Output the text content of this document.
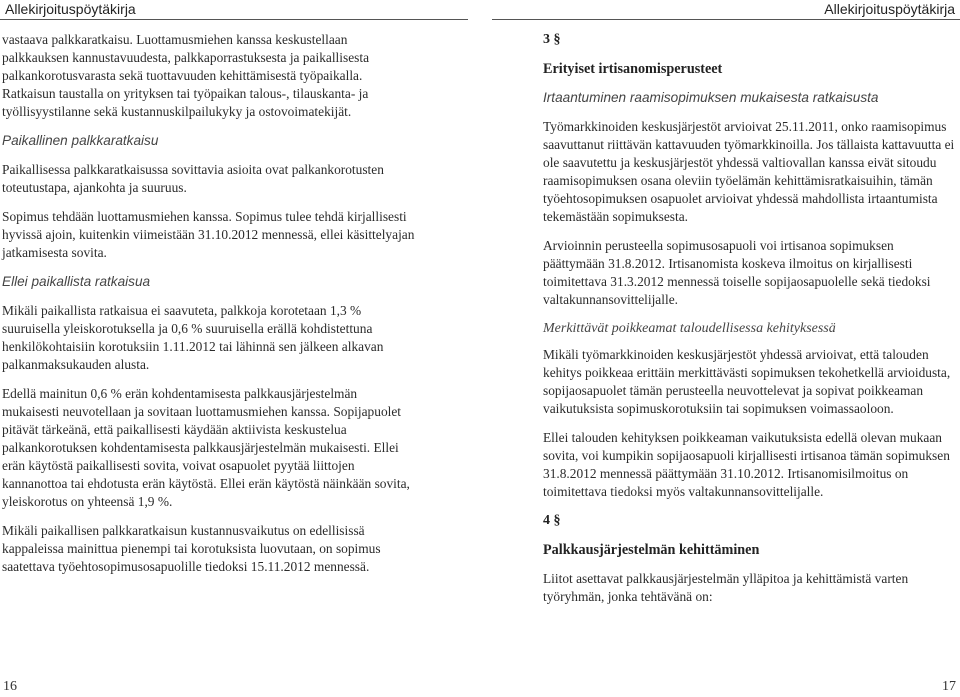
Allekirjoituspöytäkirja

vastaava palkkaratkaisu. Luottamusmiehen kanssa keskustellaan palkkauksen kannustavuudesta, palkkaporrastuksesta ja paikallisesta palkankorotusvarasta sekä tuottavuuden kehittämisestä työpaikalla. Ratkaisun taustalla on yrityksen tai työpaikan talous-, tilauskanta- ja työllisyystilanne sekä kustannuskilpailukyky ja ostovoimatekijät.

Paikallinen palkkaratkaisu

Paikallisessa palkkaratkaisussa sovittavia asioita ovat palkankorotusten toteutustapa, ajankohta ja suuruus.

Sopimus tehdään luottamusmiehen kanssa. Sopimus tulee tehdä kirjallisesti hyvissä ajoin, kuitenkin viimeistään 31.10.2012 mennessä, ellei käsittelyajan jatkamisesta sovita.

Ellei paikallista ratkaisua

Mikäli paikallista ratkaisua ei saavuteta, palkkoja korotetaan 1,3 % suuruisella yleiskorotuksella ja 0,6 % suuruisella erällä kohdistettuna henkilökohtaisiin korotuksiin 1.11.2012 tai lähinnä sen jälkeen alkavan palkanmaksukauden alusta.

Edellä mainitun 0,6 % erän kohdentamisesta palkkausjärjestelmän mukaisesti neuvotellaan ja sovitaan luottamusmiehen kanssa. Sopijapuolet pitävät tärkeänä, että paikallisesti käydään aktiivista keskustelua palkankorotuksen kohdentamisesta palkkausjärjestelmän mukaisesti. Ellei erän käytöstä paikallisesti sovita, voivat osapuolet pyytää liittojen kannanottoa tai ehdotusta erän käytöstä. Ellei erän käytöstä näinkään sovita, yleiskorotus on yhteensä 1,9 %.

Mikäli paikallisen palkkaratkaisun kustannusvaikutus on edellisissä kappaleissa mainittua pienempi tai korotuksista luovutaan, on sopimus saatettava työehtosopimusosapuolille tiedoksi 15.11.2012 mennessä.

16
Allekirjoituspöytäkirja

3 §

Erityiset irtisanomisperusteet

Irtaantuminen raamisopimuksen mukaisesta ratkaisusta

Työmarkkinoiden keskusjärjestöt arvioivat 25.11.2011, onko raamisopimus saavuttanut riittävän kattavuuden työmarkkinoilla. Jos tällaista kattavuutta ei ole saavutettu ja keskusjärjestöt yhdessä valtiovallan kanssa eivät sitoudu raamisopimuksen osana oleviin työelämän kehittämisratkaisuihin, tämän työehtosopimuksen osapuolet arvioivat yhdessä mahdollista irtaantumista tekemästään sopimuksesta.

Arvioinnin perusteella sopimusosapuoli voi irtisanoa sopimuksen päättymään 31.8.2012. Irtisanomista koskeva ilmoitus on kirjallisesti toimitettava 31.3.2012 mennessä toiselle sopijaosapuolelle sekä tiedoksi valtakunnansovittelijalle.

Merkittävät poikkeamat taloudellisessa kehityksessä

Mikäli työmarkkinoiden keskusjärjestöt yhdessä arvioivat, että talouden kehitys poikkeaa erittäin merkittävästi sopimuksen tekohetkellä arvioidusta, sopijaosapuolet tämän perusteella neuvottelevat ja sopivat poikkeaman vaikutuksista sopimuskorotuksiin tai sopimuksen voimassaoloon.

Ellei talouden kehityksen poikkeaman vaikutuksista edellä olevan mukaan sovita, voi kumpikin sopijaosapuoli kirjallisesti irtisanoa tämän sopimuksen 31.8.2012 mennessä päättymään 31.10.2012. Irtisanomisilmoitus on toimitettava tiedoksi myös valtakunnansovittelijalle.

4 §

Palkkausjärjestelmän kehittäminen

Liitot asettavat palkkausjärjestelmän ylläpitoa ja kehittämistä varten työryhmän, jonka tehtävänä on:

17
